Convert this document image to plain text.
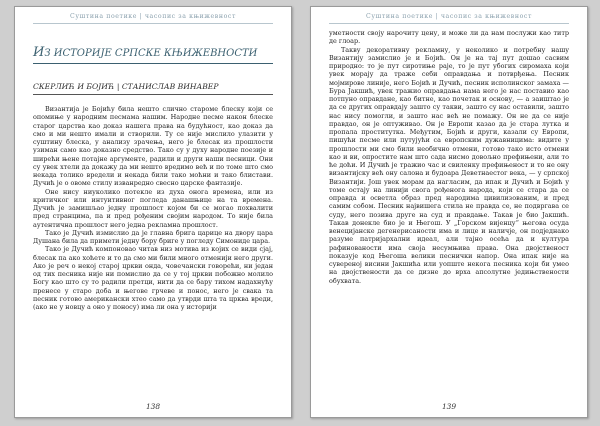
Суштина поетике | часопис за књижевност
ИЗ ИСТОРИЈЕ СРПСКЕ КЊИЖЕВНОСТИ
СКЕРЛИЋ И БОЈИЋ | СТАНИСЛАВ ВИНАВЕР

Византија је Бојићу била нешто слично староме блеску који се опомиње у народним песмама нашим. Народне песме након блеске старог царства као доказ нашега права на будућност, као доказ да смо и ми нешто имали и створили. Ту се није мислило улазити у суштину блеска, у анализу зрачења, него је блесак из прошлости узиман само као доказно средство. Тако су у духу народне поезије и ширећи њене потајне аргументе, радили и други наши песници. Они су увек хтели да докажу да ми нешто вредимо већ и по томе што смо некада толико вредели и некада били тако моћни и тако блистави. Дучић је о овоме стилу изванредно свесно царске фантазије.

Оне нису ниуколико потекле из духа онога времена, или из критичког или интуитивног погледа данашњице на та времена. Дучић је замишљао једну прошлост којом би се могао похвалити пред странцима, па и пред рођеним својим народом. То није била аутентична прошлост него једна рекламна прошлост.

Тако је Дучић измислио да је главна брига царице на двору цара Душана била да примети једну бору бриге у погледу Симониде цара.

Тако је Дучић компоновао читав низ мотива из којих се види сјај, блесак па ако хоћете и то да смо ми били много отменији него други. Ако је реч о некој старој цркви онда, човечански говорећи, ни један од тих песника није ни помислио да се у тој цркви побожно молило Богу као што су то радили претци, нити да се бару тихом надахнућу пренесе у старо доба и његове грчеве и понос, него је свака та песник готово американски хтео само да утврди шта та црква вреди, (ако не у новцу а оно у поносу) има ли она у историји

138
Суштина поетике | часопис за књижевност

уметности своју нарочиту цену, и може ли да нам послужи као титр де глоар.

Такву декоративну рекламну, у неколико и потребну нашу Византију замислио је и Бојић. Он је на тај пут дошао сасвим природно: то је пут сиротиње раје, то је пут убогих сиромаха који увек морају да траже себи оправдања и потврђења. Песник мојмирове линије, него Бојић и Дучић, песник исполинског замаха — Бура Јакшић, увек тражио оправдања нама него је нас поставио као потпуно оправдане, као битне, као почетак и основу, — а заиштао је да се других оправдају зашто су такви, зашто су нас оставили, зашто нас нису помогли, и зашто нас већ не помажу. Он не да се није правдао, он је оптуживао. Он је Европи казао да је стара лутка и пропала проститутка. Међутим, Бојић и други, казали су Европи, пишући песме или путујући са европским дужавницима: видите у прошлости ми смо били необично отмени, готово тако исто отмени као и ви, опростите нам што сада нисмо довољно префињени, али то ће доћи. И Дучић је тражио час и свиленку префињеност и то не ону византијску већ ону салона и будоара Деветнаестог века, — у српској Византији. Још увек морам да нагласим, да ипак и Дучић и Бојић у томе остају на линији свога рођенога народа, који се стара да се оправда и осветла образ пред народима цивилизованим, и пред самим собом. Песник највишега стила не правда се, не подвргава се суду, него позива друге на суд и правдање. Такав је био Јакшић. Такав донекле био је и Његош. У „Горском вијенцу“ његова осуда венецијанске дегенерисаности има и лице и наличје, он подједнако разуме патријархални идеал, али тајно осећа да и култура рафинованости има своја несумњива права. Она двојственост показује код Његоша велики песнички напор. Она ипак није на сувереној висини Јакшића или уопште некога песника који би умео на двојствености да се дизне до врха апсолутне једињствености обухвата.

139
